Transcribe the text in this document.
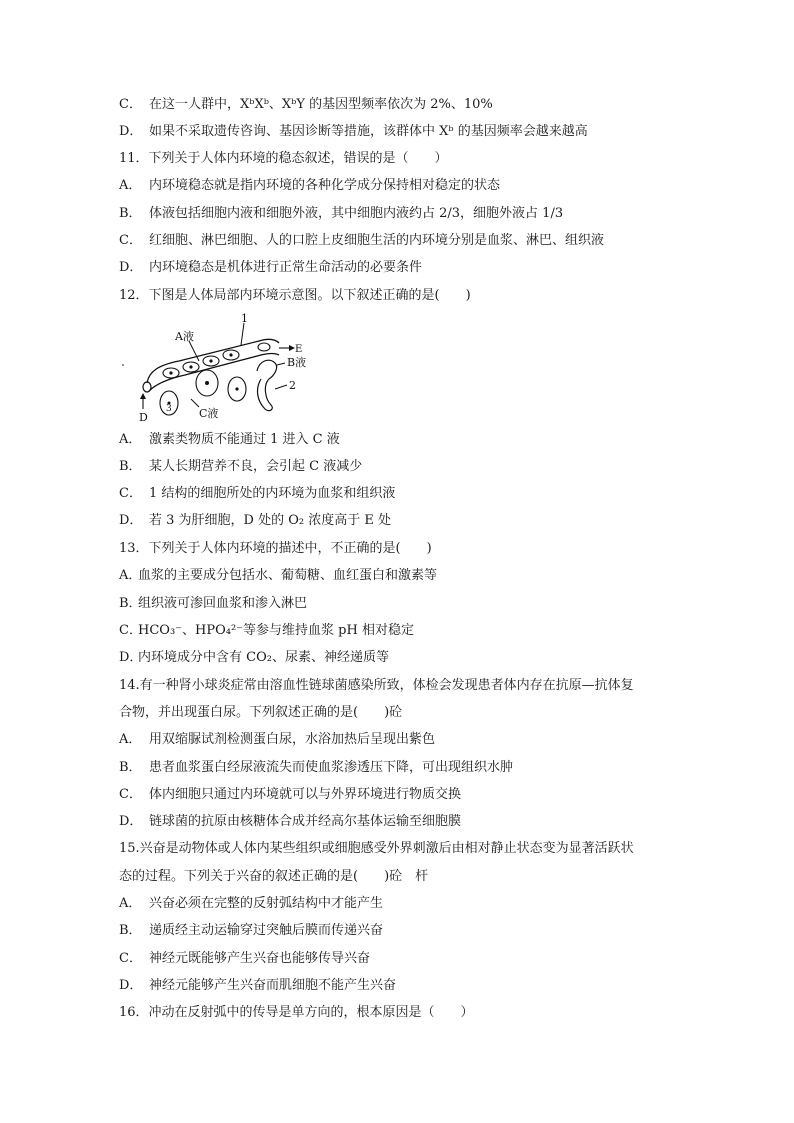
C． 在这一人群中，XᵇXᵇ、XᵇY 的基因型频率依次为 2%、10%
D． 如果不采取遗传咨询、基因诊断等措施，该群体中 Xᵇ 的基因频率会越来越高
11．下列关于人体内环境的稳态叙述，错误的是（　　）
A． 内环境稳态就是指内环境的各种化学成分保持相对稳定的状态
B． 体液包括细胞内液和细胞外液，其中细胞内液约占 2/3，细胞外液占 1/3
C． 红细胞、淋巴细胞、人的口腔上皮细胞生活的内环境分别是血浆、淋巴、组织液
D． 内环境稳态是机体进行正常生命活动的必要条件
12．下图是人体局部内环境示意图。以下叙述正确的是(　　)
A液
1
E
B液
2
D
3 C液
A． 激素类物质不能通过 1 进入 C 液
B． 某人长期营养不良，会引起 C 液减少
C． 1 结构的细胞所处的内环境为血浆和组织液
D． 若 3 为肝细胞，D 处的 O₂ 浓度高于 E 处
13．下列关于人体内环境的描述中，不正确的是(　　)
A．血浆的主要成分包括水、葡萄糖、血红蛋白和激素等
B．组织液可渗回血浆和渗入淋巴
C．HCO₃⁻、HPO₄²⁻等参与维持血浆 pH 相对稳定
D．内环境成分中含有 CO₂、尿素、神经递质等
14.有一种肾小球炎症常由溶血性链球菌感染所致，体检会发现患者体内存在抗原—抗体复
合物，并出现蛋白尿。下列叙述正确的是(　　)砼
A． 用双缩脲试剂检测蛋白尿，水浴加热后呈现出紫色
B． 患者血浆蛋白经尿液流失而使血浆渗透压下降，可出现组织水肿
C． 体内细胞只通过内环境就可以与外界环境进行物质交换
D． 链球菌的抗原由核糖体合成并经高尔基体运输至细胞膜
15.兴奋是动物体或人体内某些组织或细胞感受外界刺激后由相对静止状态变为显著活跃状
态的过程。下列关于兴奋的叙述正确的是(　　)砼　杆
A． 兴奋必须在完整的反射弧结构中才能产生
B． 递质经主动运输穿过突触后膜而传递兴奋
C． 神经元既能够产生兴奋也能够传导兴奋
D． 神经元能够产生兴奋而肌细胞不能产生兴奋
16．冲动在反射弧中的传导是单方向的，根本原因是（　　）
